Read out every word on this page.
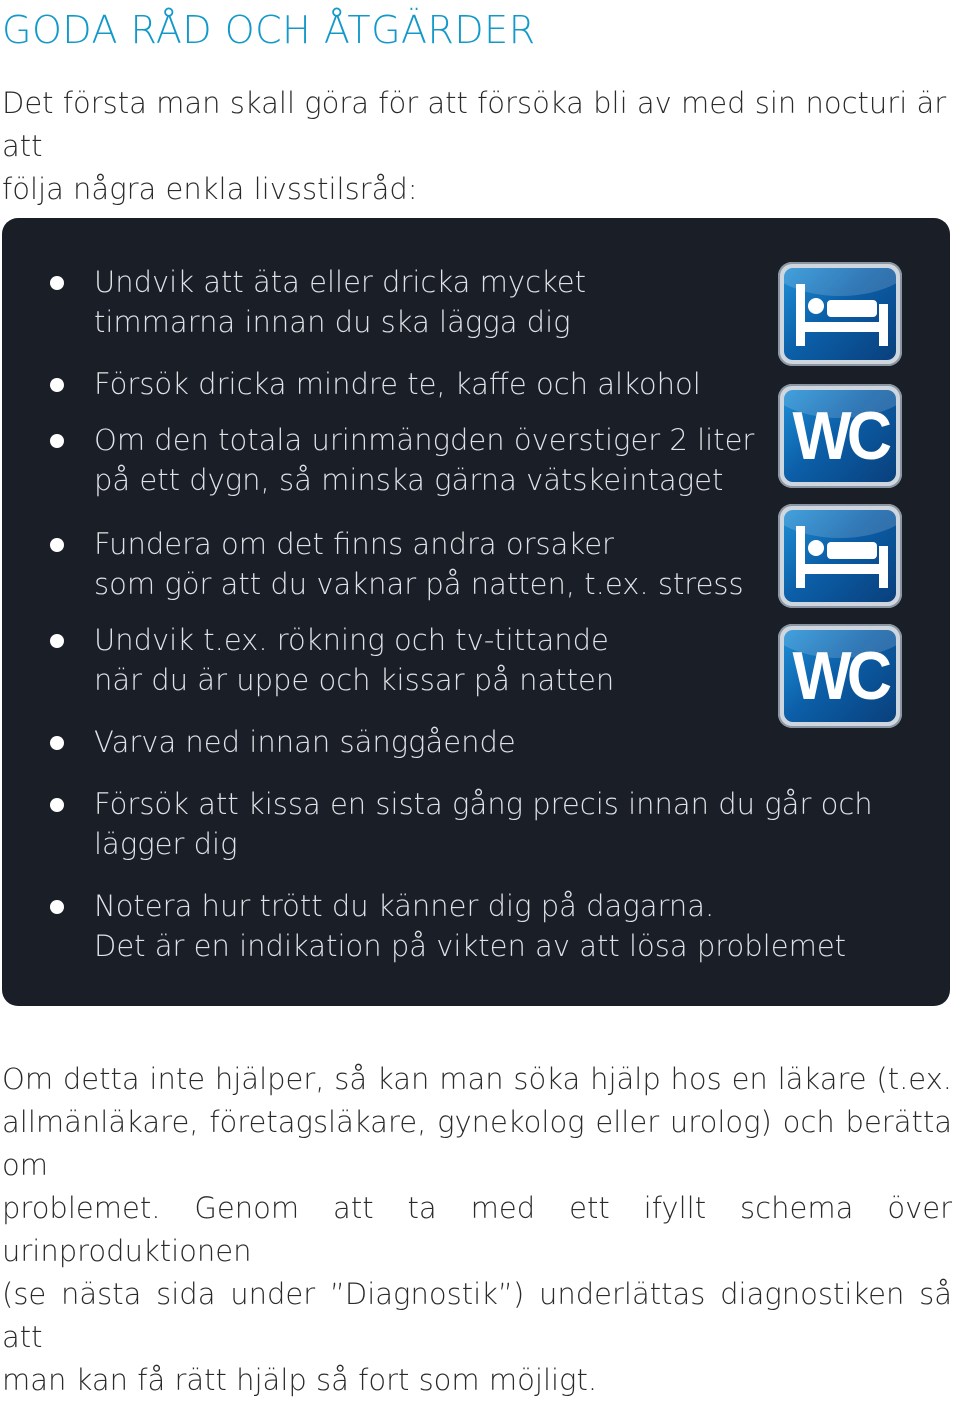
GODA RÅD OCH ÅTGÄRDER
Det första man skall göra för att försöka bli av med sin nocturi är att
följa några enkla livsstilsråd:
Undvik att äta eller dricka mycket
timmarna innan du ska lägga dig
Försök dricka mindre te, kaffe och alkohol
Om den totala urinmängden överstiger 2 liter
på ett dygn, så minska gärna vätskeintaget
Fundera om det finns andra orsaker
som gör att du vaknar på natten, t.ex. stress
Undvik t.ex. rökning och tv-tittande
när du är uppe och kissar på natten
Varva ned innan sänggående
Försök att kissa en sista gång precis innan du går och
lägger dig
Notera hur trött du känner dig på dagarna.
Det är en indikation på vikten av att lösa problemet
WC
WC
Om detta inte hjälper, så kan man söka hjälp hos en läkare (t.ex.
allmänläkare, företagsläkare, gynekolog eller urolog) och berätta om
problemet. Genom att ta med ett ifyllt schema över urinproduktionen
(se nästa sida under ”Diagnostik”) underlättas diagnostiken så att
man kan få rätt hjälp så fort som möjligt.
